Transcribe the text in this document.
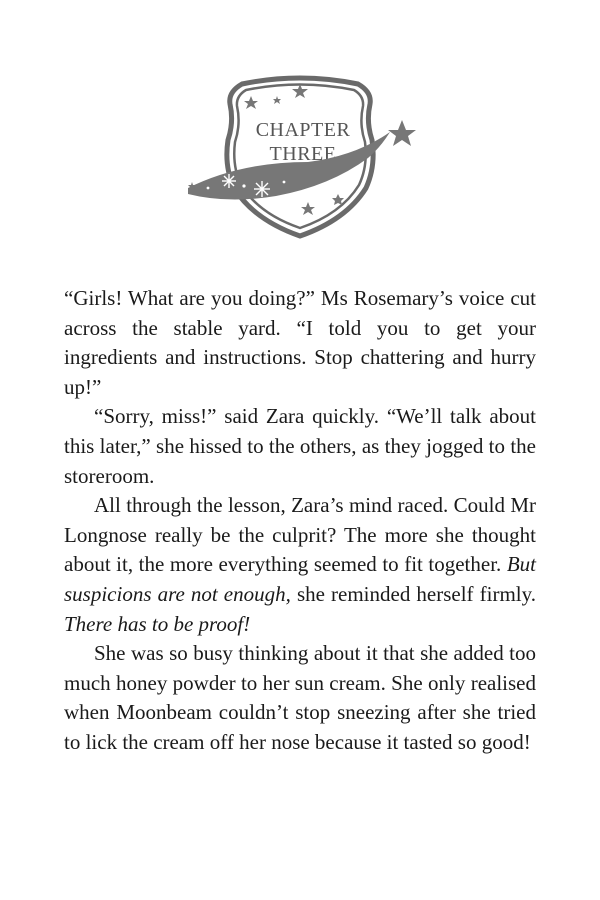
CHAPTER
THREE

“Girls! What are you doing?” Ms Rosemary’s voice cut across the stable yard. “I told you to get your ingredients and instructions. Stop chattering and hurry up!”

“Sorry, miss!” said Zara quickly. “We’ll talk about this later,” she hissed to the others, as they jogged to the storeroom.

All through the lesson, Zara’s mind raced. Could Mr Longnose really be the culprit? The more she thought about it, the more everything seemed to fit together. But suspicions are not enough, she reminded herself firmly. There has to be proof!

She was so busy thinking about it that she added too much honey powder to her sun cream. She only realised when Moonbeam couldn’t stop sneezing after she tried to lick the cream off her nose because it tasted so good!
